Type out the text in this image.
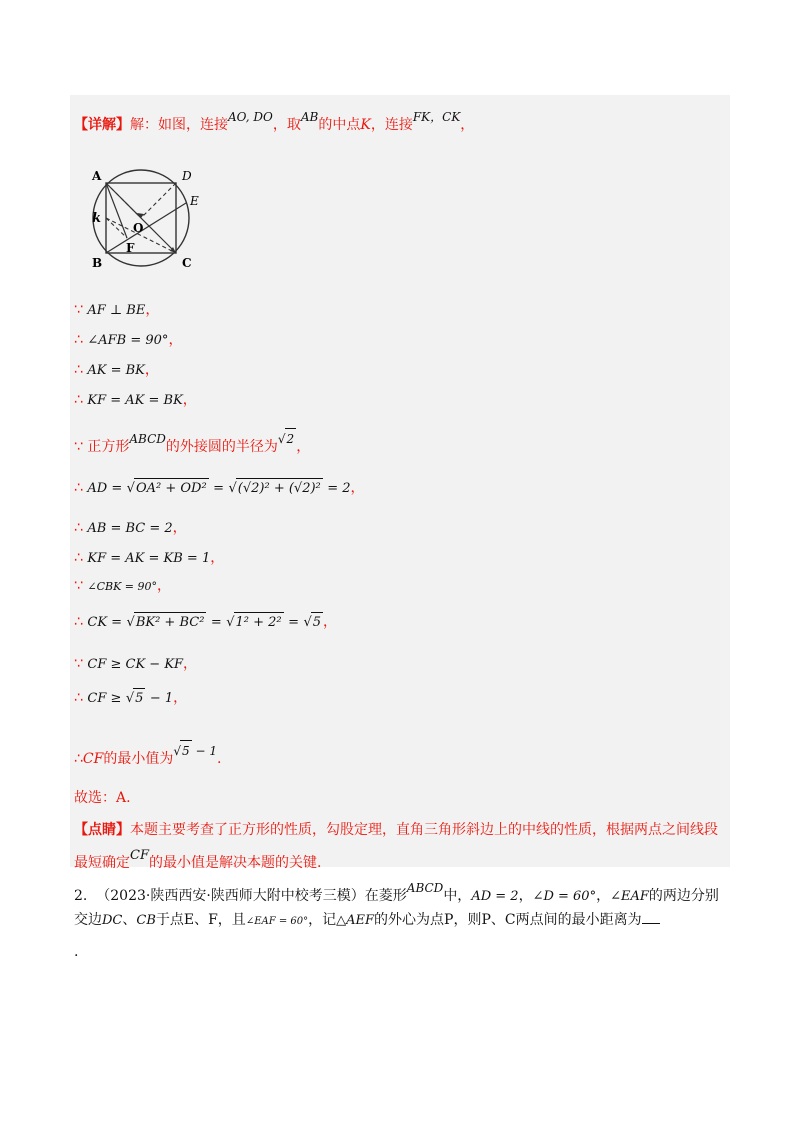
【详解】解：如图，连接AO, DO，取AB的中点K，连接FK，CK，
A	D
E
k
O
F
B	C
∵ AF ⊥ BE，
∴ ∠AFB = 90°，
∴ AK = BK，
∴ KF = AK = BK，
∵ 正方形ABCD的外接圆的半径为√2 ，
∴ AD = √OA² + OD² = √(√2)² + (√2)² = 2，
∴ AB = BC = 2，
∴ KF = AK = KB = 1，
∵ ∠CBK = 90°，
∴ CK = √BK² + BC² = √1² + 2² = √5 ，
∵ CF ≥ CK − KF，
∴ CF ≥ √5 − 1，
∴CF的最小值为√5 − 1.
故选：A.
【点睛】本题主要考查了正方形的性质，勾股定理，直角三角形斜边上的中线的性质，根据两点之间线段
最短确定CF的最小值是解决本题的关键.
2. （2023·陕西西安·陕西师大附中校考三模）在菱形ABCD中，AD = 2，∠D = 60°，∠EAF的两边分别
交边DC、CB于点E、F，且∠EAF = 60°，记△AEF的外心为点P，则P、C两点间的最小距离为
.
